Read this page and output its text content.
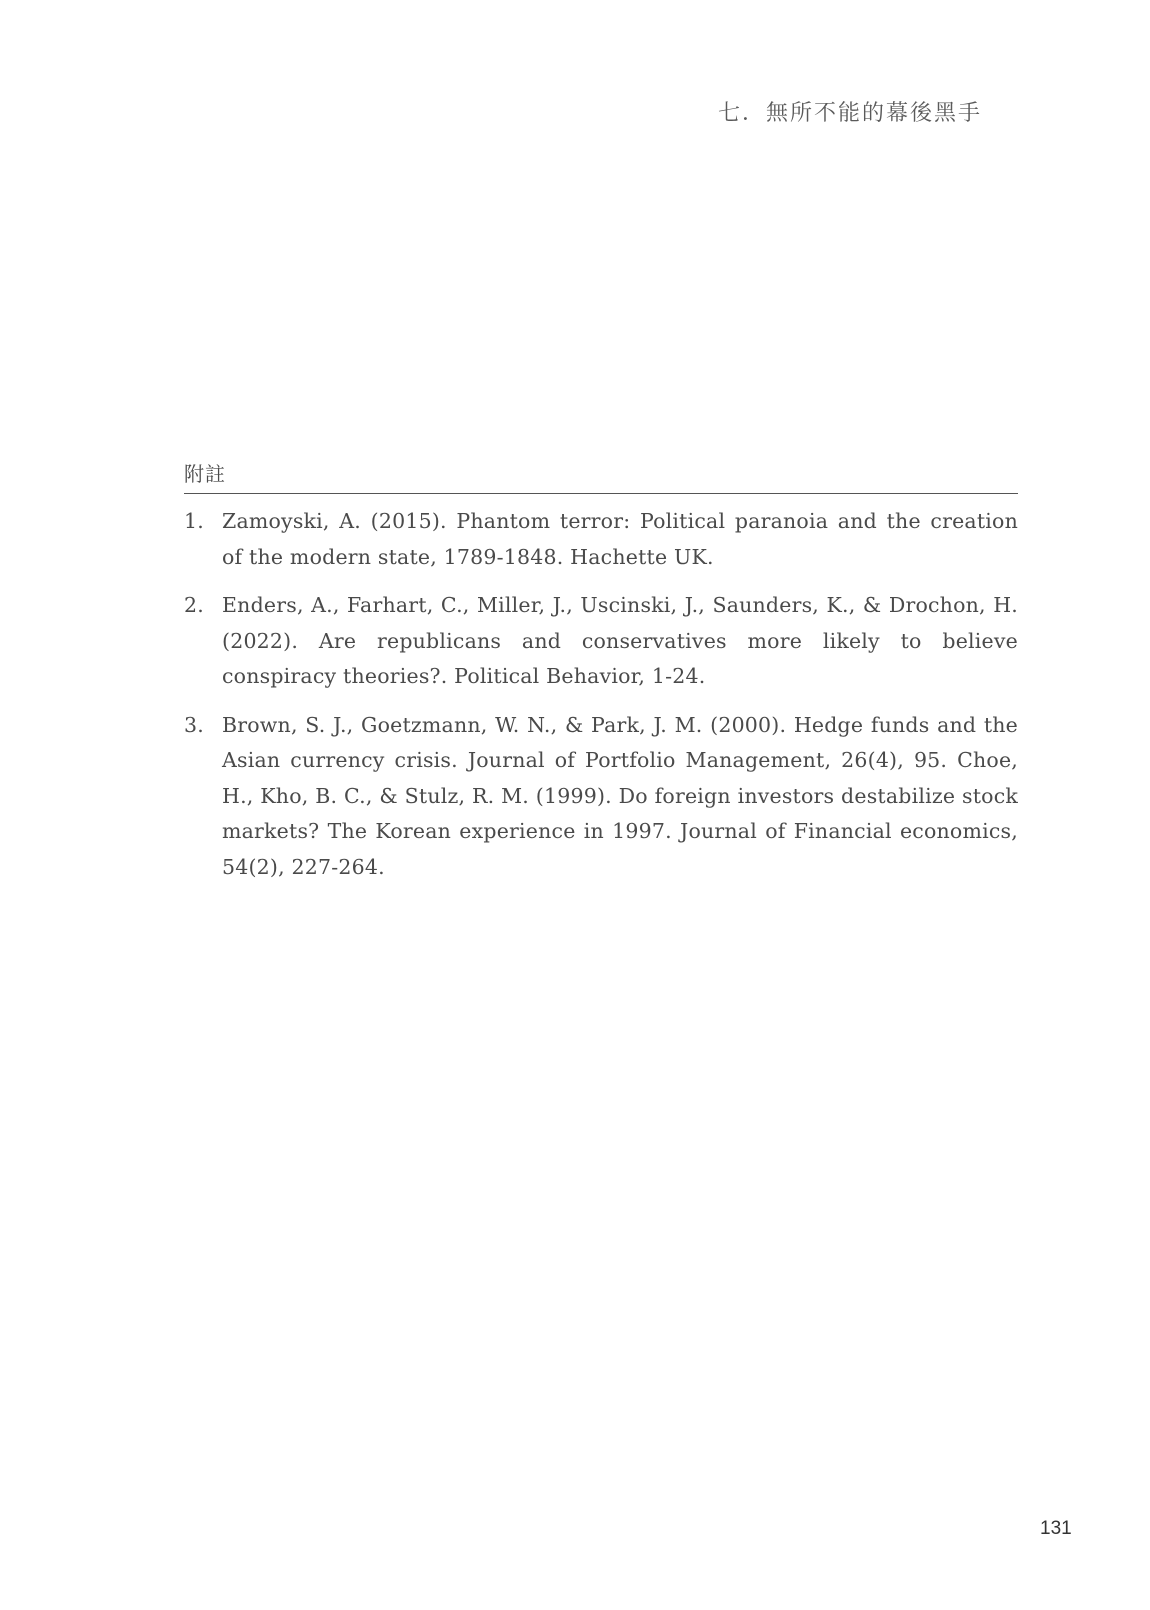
七．無所不能的幕後黑手
附註
1. Zamoyski, A. (2015). Phantom terror: Political paranoia and the creation of the modern state, 1789-1848. Hachette UK.
2. Enders, A., Farhart, C., Miller, J., Uscinski, J., Saunders, K., & Drochon, H. (2022). Are republicans and conservatives more likely to believe conspiracy theories?. Political Behavior, 1-24.
3. Brown, S. J., Goetzmann, W. N., & Park, J. M. (2000). Hedge funds and the Asian currency crisis. Journal of Portfolio Management, 26(4), 95. Choe, H., Kho, B. C., & Stulz, R. M. (1999). Do foreign investors destabilize stock markets? The Korean experience in 1997. Journal of Financial economics, 54(2), 227-264.
131
